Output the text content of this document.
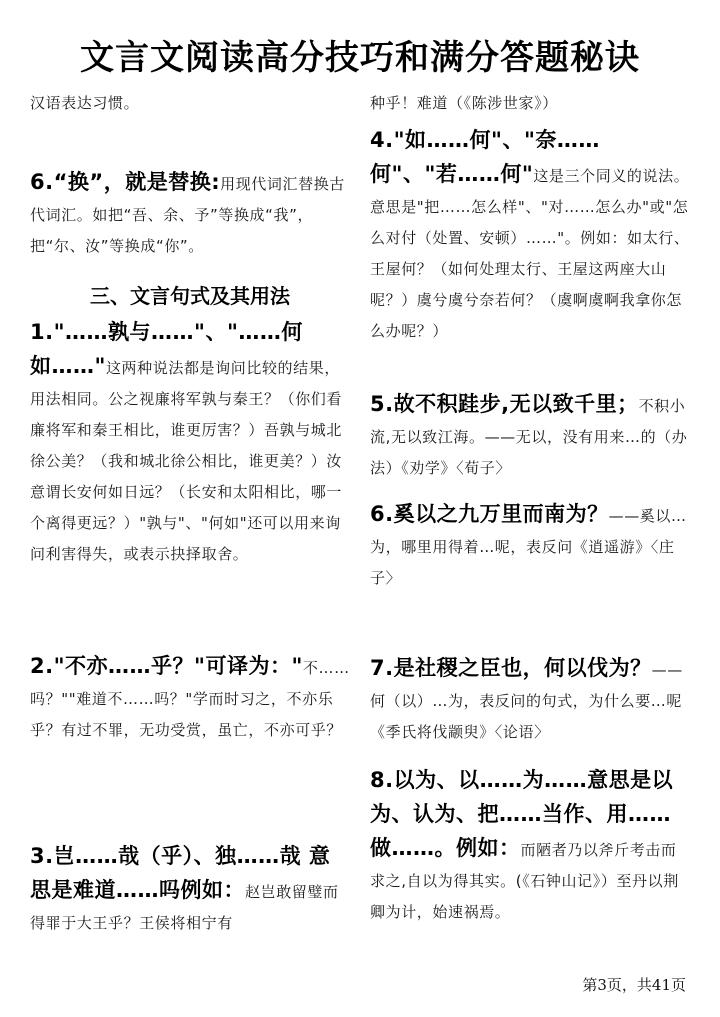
文言文阅读高分技巧和满分答题秘诀

汉语表达习惯。

6.“换”，就是替换:用现代词汇替换古代词汇。如把“吾、余、予”等换成“我”，把“尔、汝”等换成“你”。

三、文言句式及其用法

1."……孰与……"、"……何如……"这两种说法都是询问比较的结果，用法相同。公之视廉将军孰与秦王？（你们看廉将军和秦王相比，谁更厉害？）吾孰与城北徐公美？（我和城北徐公相比，谁更美？）汝意谓长安何如日远？（长安和太阳相比，哪一个离得更远？）"孰与"、"何如"还可以用来询问利害得失，或表示抉择取舍。

2."不亦……乎？"可译为："不……吗？""难道不……吗？"学而时习之，不亦乐乎？有过不罪，无功受赏，虽亡，不亦可乎？

3.岂……哉（乎）、独……哉 意思是难道……吗例如：赵岂敢留璧而得罪于大王乎？王侯将相宁有

种乎！难道（《陈涉世家》）

4."如……何"、"奈……何"、"若……何"这是三个同义的说法。意思是"把……怎么样"、"对……怎么办"或"怎么对付（处置、安顿）……"。例如：如太行、王屋何？（如何处理太行、王屋这两座大山呢？）虞兮虞兮奈若何？（虞啊虞啊我拿你怎么办呢？）

5.故不积跬步,无以致千里；不积小流,无以致江海。——无以，没有用来…的（办法）《劝学》〈荀子〉

6.奚以之九万里而南为？——奚以…为，哪里用得着…呢，表反问《逍遥游》〈庄子〉

7.是社稷之臣也，何以伐为？——何（以）…为，表反问的句式，为什么要…呢《季氏将伐颛臾》〈论语〉

8.以为、以……为……意思是以为、认为、把……当作、用……做……。例如：而陋者乃以斧斤考击而求之,自以为得其实。(《石钟山记》）至丹以荆卿为计，始速祸焉。

第3页，共41页
